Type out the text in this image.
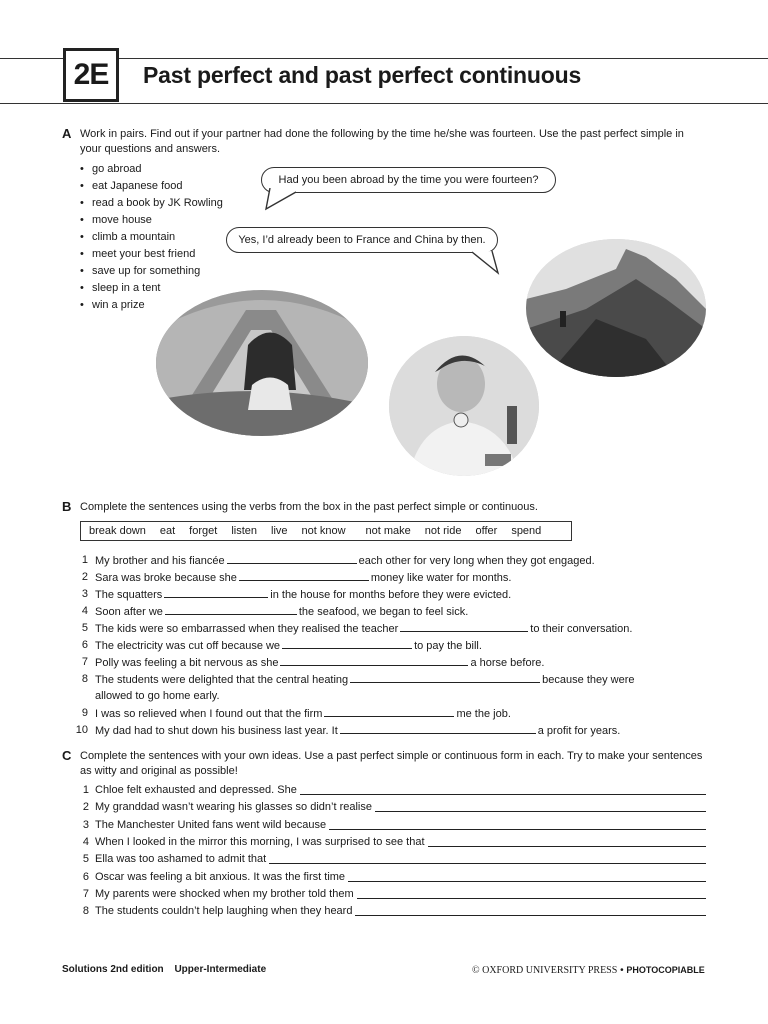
2E	Past perfect and past perfect continuous
A Work in pairs. Find out if your partner had done the following by the time he/she was fourteen. Use the past perfect simple in your questions and answers.
• go abroad
• eat Japanese food
• read a book by JK Rowling
• move house
• climb a mountain
• meet your best friend
• save up for something
• sleep in a tent
• win a prize
Had you been abroad by the time you were fourteen?
Yes, I’d already been to France and China by then.
B Complete the sentences using the verbs from the box in the past perfect simple or continuous.
break down eat forget listen live not know not make not ride offer spend
1 My brother and his fiancée	each other for very long when they got engaged.
2 Sara was broke because she	money like water for months.
3 The squatters	in the house for months before they were evicted.
4 Soon after we	the seafood, we began to feel sick.
5 The kids were so embarrassed when they realised the teacher	to their conversation.
6 The electricity was cut off because we	to pay the bill.
7 Polly was feeling a bit nervous as she	a horse before.
8 The students were delighted that the central heating	because they were
allowed to go home early.
9 I was so relieved when I found out that the firm	me the job.
10 My dad had to shut down his business last year. It	a profit for years.
C Complete the sentences with your own ideas. Use a past perfect simple or continuous form in each. Try to make your sentences as witty and original as possible!
1 Chloe felt exhausted and depressed. She
2 My granddad wasn’t wearing his glasses so didn’t realise
3 The Manchester United fans went wild because
4 When I looked in the mirror this morning, I was surprised to see that
5 Ella was too ashamed to admit that
6 Oscar was feeling a bit anxious. It was the first time
7 My parents were shocked when my brother told them
8 The students couldn’t help laughing when they heard
Solutions 2nd edition Upper-Intermediate	© OXFORD UNIVERSITY PRESS • PHOTOCOPIABLE
